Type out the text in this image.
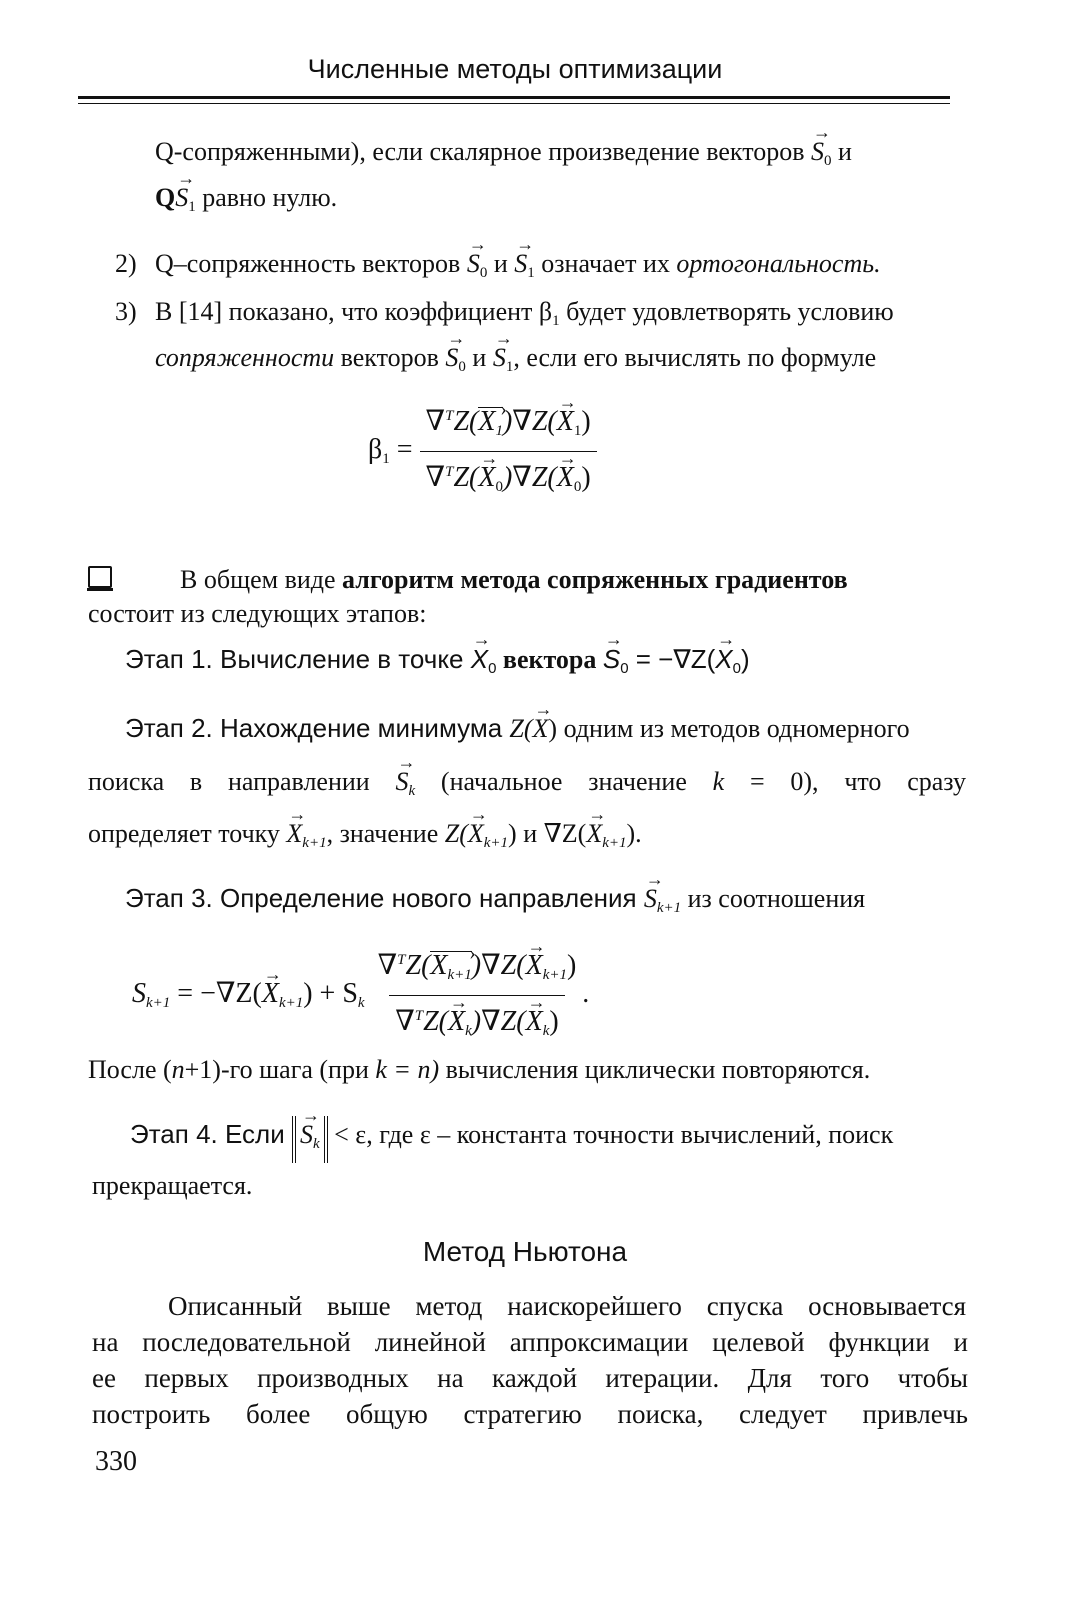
Численные методы оптимизации
Q-сопряженными), если скалярное произведение векторов → $S_0$ и
$Q\to S_1$ равно нулю.
2) Q–сопряженность векторов → $S_0$ $и \to S_1$ означает их ортогональность.
3) В [14] показано, что коэффициент $\beta_1$ будет удовлетворять условию
сопряженности векторов → $S_0$ $и \to S_1$, если его вычислять по формуле
$\beta_1 = \frac{\nabla^TZ(X_1 ›)\nabla Z(\to X_1)}{\nabla^TZ(\to X_0)\nabla Z(\to X_0)}$
В общем виде алгоритм метода сопряженных градиентов
состоит из следующих этапов:
Этап 1. Вычисление в точке → $X_0$ вектора → $S_0 = -\nabla Z(\to X_0)$
Этап 2. Нахождение минимума Z(→ X) одним из методов одномерного
поиска в направлении → $S_k$ (начальное значение k = 0), что сразу
определяет точку → $X_{k+1}$, значение $Z(\to X_{k+1})$ и $\nabla Z(\to X_{k+1})$.
Этап 3. Определение нового направления → $S_{k+1}$ из соотношения
$S_{k+1} = -\nabla Z(\to X_{k+1}) + S_k \frac{\nabla^TZ(X_{k+1} ›)\nabla Z(\to X_{k+1})}{\nabla^TZ(\to X_k)\nabla Z(\to X_k)}$ .
После (n+1)-го шага (при k = n) вычисления циклически повторяются.
Этап 4. Если → $S_k < \varepsilon$, где ε – константа точности вычислений, поиск
прекращается.
Метод Ньютона
Описанный выше метод наискорейшего спуска основывается
на последовательной линейной аппроксимации целевой функции и
ее первых производных на каждой итерации. Для того чтобы
построить более общую стратегию поиска, следует привлечь
330
